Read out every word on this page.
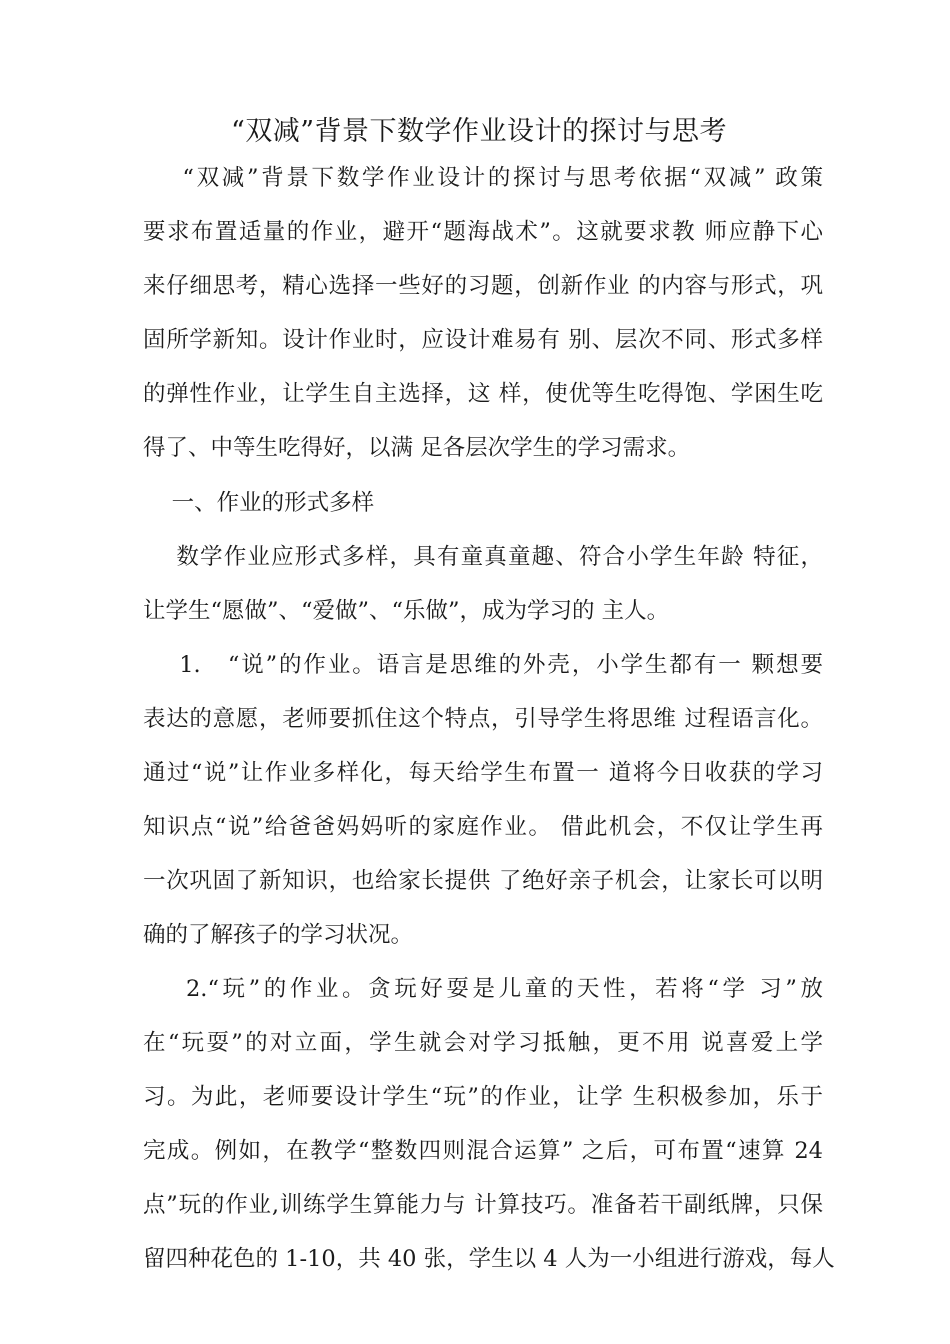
“双减”背景下数学作业设计的探讨与思考
“双减”背景下数学作业设计的探讨与思考依据“双减” 政策
要求布置适量的作业，避开“题海战术”。这就要求教 师应静下心
来仔细思考，精心选择一些好的习题，创新作业 的内容与形式，巩
固所学新知。设计作业时，应设计难易有 别、层次不同、形式多样
的弹性作业，让学生自主选择，这 样，使优等生吃得饱、学困生吃
得了、中等生吃得好，以满 足各层次学生的学习需求。
一、作业的形式多样
数学作业应形式多样，具有童真童趣、符合小学生年龄 特征，
让学生“愿做”、“爱做”、“乐做”，成为学习的 主人。
1.   “说”的作业。语言是思维的外壳，小学生都有一 颗想要
表达的意愿，老师要抓住这个特点，引导学生将思维 过程语言化。
通过“说”让作业多样化，每天给学生布置一 道将今日收获的学习
知识点“说”给爸爸妈妈听的家庭作业。 借此机会，不仅让学生再
一次巩固了新知识，也给家长提供 了绝好亲子机会，让家长可以明
确的了解孩子的学习状况。
2.“玩”的作业。贪玩好耍是儿童的天性，若将“学 习”放
在“玩耍”的对立面，学生就会对学习抵触，更不用 说喜爱上学
习。为此，老师要设计学生“玩”的作业，让学 生积极参加，乐于
完成。例如，在教学“整数四则混合运算” 之后，可布置“速算 24
点”玩的作业,训练学生算能力与 计算技巧。准备若干副纸牌，只保
留四种花色的 1-10，共 40 张，学生以 4 人为一小组进行游戏，每人
